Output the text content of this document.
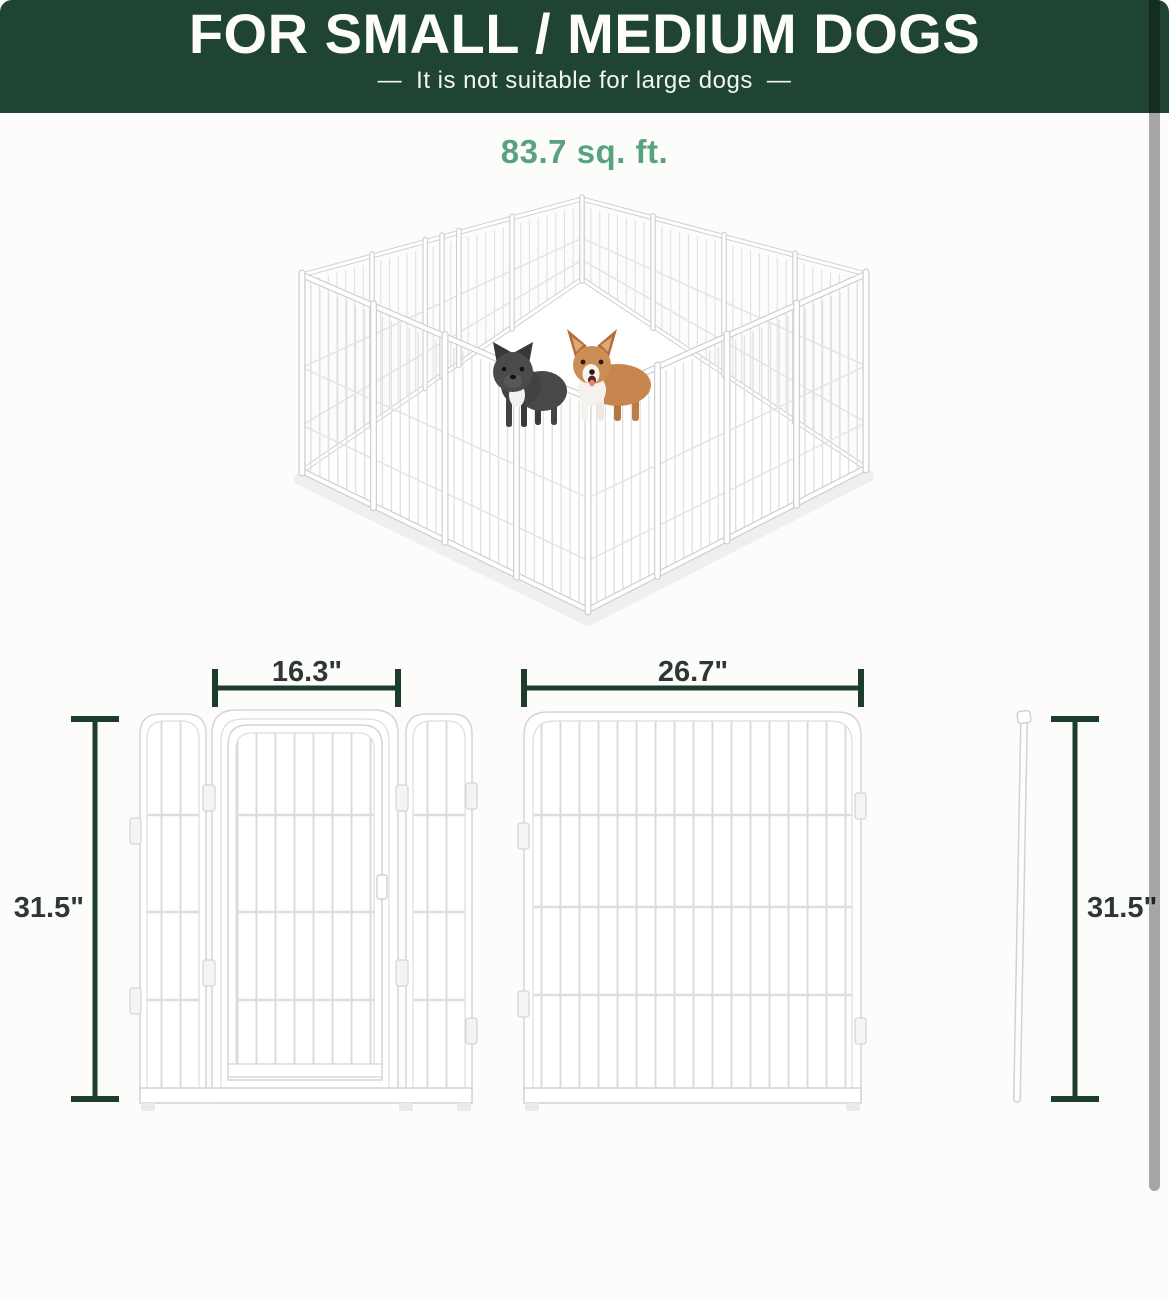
FOR SMALL / MEDIUM DOGS
— It is not suitable for large dogs —
83.7 sq. ft.
16.3"	26.7"
31.5"	31.5"
